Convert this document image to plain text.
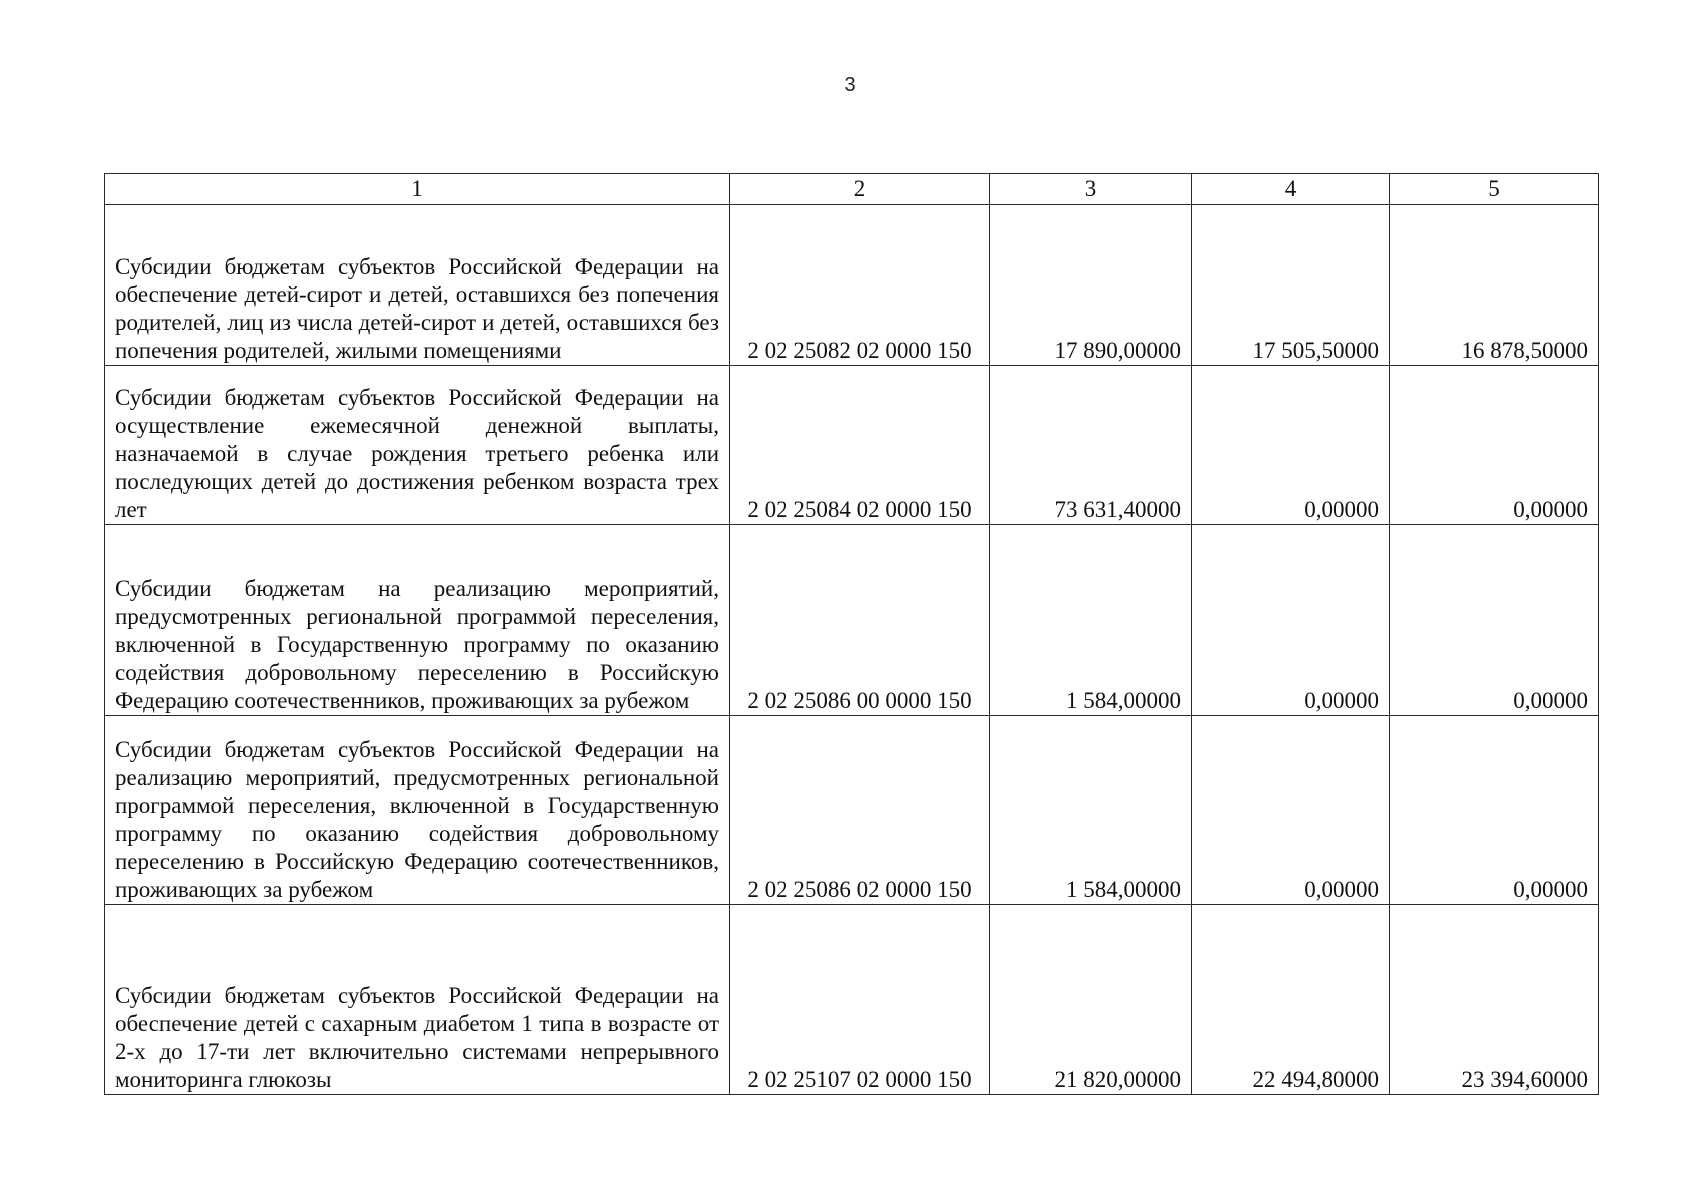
3
1	2	3	4	5
Субсидии бюджетам субъектов Российской Федерации на обеспечение детей-сирот и детей, оставшихся без попечения родителей, лиц из числа детей-сирот и детей, оставшихся без попечения родителей, жилыми помещениями	2 02 25082 02 0000 150	17 890,00000	17 505,50000	16 878,50000
Субсидии бюджетам субъектов Российской Федерации на осуществление ежемесячной денежной выплаты, назначаемой в случае рождения третьего ребенка или последующих детей до достижения ребенком возраста трех лет	2 02 25084 02 0000 150	73 631,40000	0,00000	0,00000
Субсидии бюджетам на реализацию мероприятий, предусмотренных региональной программой переселения, включенной в Государственную программу по оказанию содействия добровольному переселению в Российскую Федерацию соотечественников, проживающих за рубежом	2 02 25086 00 0000 150	1 584,00000	0,00000	0,00000
Субсидии бюджетам субъектов Российской Федерации на реализацию мероприятий, предусмотренных региональной программой переселения, включенной в Государственную программу по оказанию содействия добровольному переселению в Российскую Федерацию соотечественников, проживающих за рубежом	2 02 25086 02 0000 150	1 584,00000	0,00000	0,00000
Субсидии бюджетам субъектов Российской Федерации на обеспечение детей с сахарным диабетом 1 типа в возрасте от 2-х до 17-ти лет включительно системами непрерывного мониторинга глюкозы	2 02 25107 02 0000 150	21 820,00000	22 494,80000	23 394,60000
